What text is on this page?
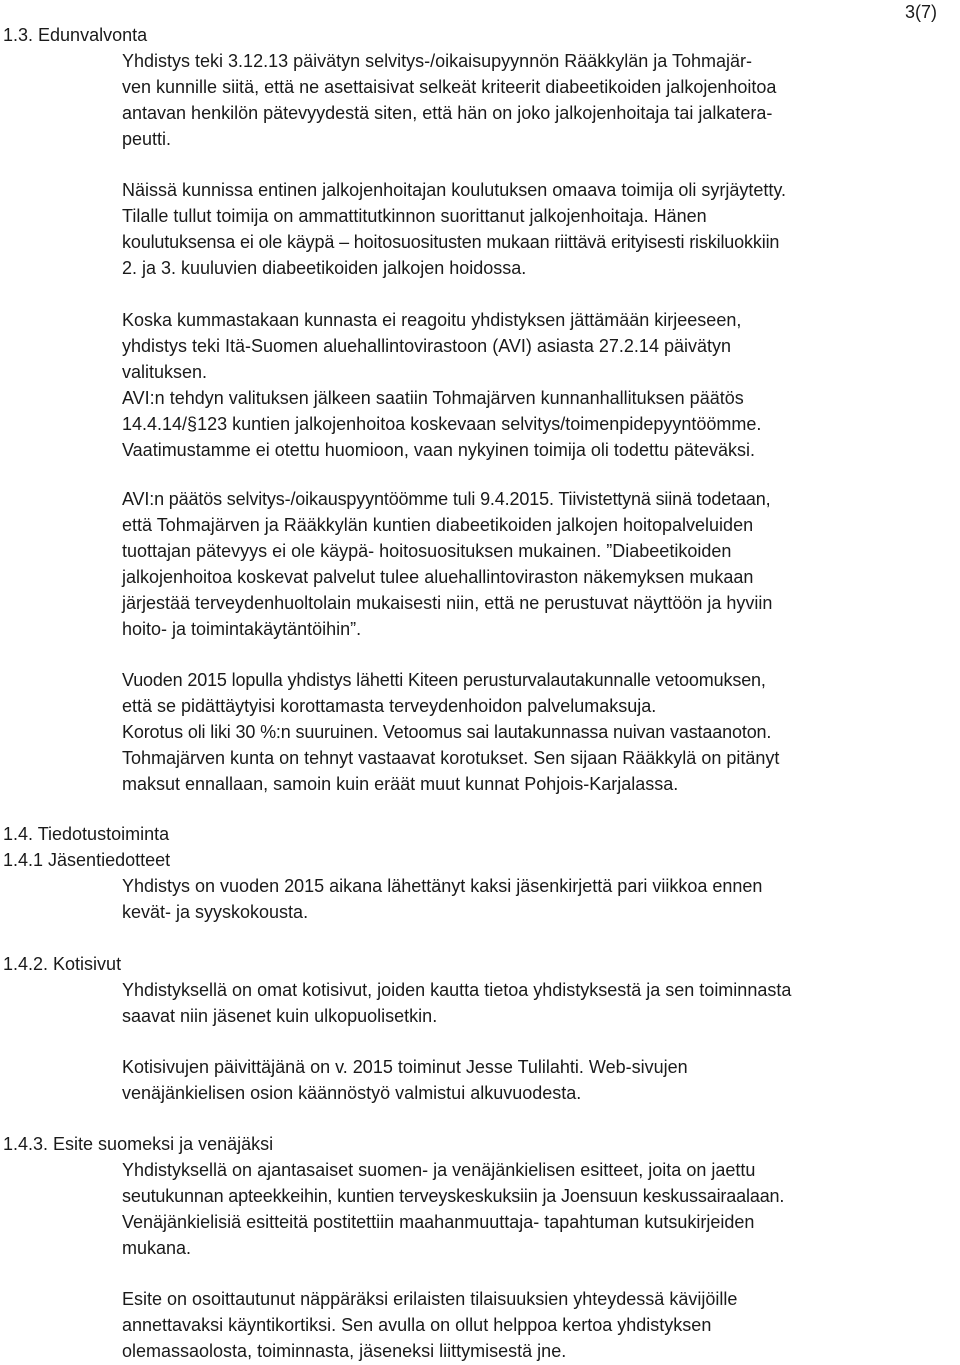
3(7)
1.3. Edunvalvonta
Yhdistys teki 3.12.13 päivätyn selvitys-/oikaisupyynnön Rääkkylän ja Tohmajär-
ven kunnille siitä, että ne asettaisivat selkeät kriteerit diabeetikoiden jalkojenhoitoa
antavan henkilön pätevyydestä siten, että hän on joko jalkojenhoitaja tai jalkatera-
peutti.
Näissä kunnissa entinen jalkojenhoitajan koulutuksen omaava toimija oli syrjäytetty.
Tilalle tullut toimija on ammattitutkinnon suorittanut jalkojenhoitaja. Hänen
koulutuksensa ei ole käypä – hoitosuositusten mukaan riittävä erityisesti riskiluokkiin
2. ja 3. kuuluvien diabeetikoiden jalkojen hoidossa.
Koska kummastakaan kunnasta ei reagoitu yhdistyksen jättämään kirjeeseen,
yhdistys teki Itä-Suomen aluehallintovirastoon (AVI) asiasta 27.2.14 päivätyn
valituksen.
AVI:n tehdyn valituksen jälkeen saatiin Tohmajärven kunnanhallituksen päätös
14.4.14/§123 kuntien jalkojenhoitoa koskevaan selvitys/toimenpidepyyntöömme.
Vaatimustamme ei otettu huomioon, vaan nykyinen toimija oli todettu päteväksi.
AVI:n päätös selvitys-/oikauspyyntöömme tuli 9.4.2015. Tiivistettynä siinä todetaan,
että Tohmajärven ja Rääkkylän kuntien diabeetikoiden jalkojen hoitopalveluiden
tuottajan pätevyys ei ole käypä- hoitosuosituksen mukainen. ”Diabeetikoiden
jalkojenhoitoa koskevat palvelut tulee aluehallintoviraston näkemyksen mukaan
järjestää terveydenhuoltolain mukaisesti niin, että ne perustuvat näyttöön ja hyviin
hoito- ja toimintakäytäntöihin”.
Vuoden 2015 lopulla yhdistys lähetti Kiteen perusturvalautakunnalle vetoomuksen,
että se pidättäytyisi korottamasta terveydenhoidon palvelumaksuja.
Korotus oli liki 30 %:n suuruinen. Vetoomus sai lautakunnassa nuivan vastaanoton.
Tohmajärven kunta on tehnyt vastaavat korotukset. Sen sijaan Rääkkylä on pitänyt
maksut ennallaan, samoin kuin eräät muut kunnat Pohjois-Karjalassa.
1.4. Tiedotustoiminta
1.4.1 Jäsentiedotteet
Yhdistys on vuoden 2015 aikana lähettänyt kaksi jäsenkirjettä pari viikkoa ennen
kevät- ja syyskokousta.
1.4.2. Kotisivut
Yhdistyksellä on omat kotisivut, joiden kautta tietoa yhdistyksestä ja sen toiminnasta
saavat niin jäsenet kuin ulkopuolisetkin.
Kotisivujen päivittäjänä on v. 2015 toiminut Jesse Tulilahti. Web-sivujen
venäjänkielisen osion käännöstyö valmistui alkuvuodesta.
1.4.3. Esite suomeksi ja venäjäksi
Yhdistyksellä on ajantasaiset suomen- ja venäjänkielisen esitteet, joita on jaettu
seutukunnan apteekkeihin, kuntien terveyskeskuksiin ja Joensuun keskussairaalaan.
Venäjänkielisiä esitteitä postitettiin maahanmuuttaja- tapahtuman kutsukirjeiden
mukana.
Esite on osoittautunut näppäräksi erilaisten tilaisuuksien yhteydessä kävijöille
annettavaksi käyntikortiksi. Sen avulla on ollut helppoa kertoa yhdistyksen
olemassaolosta, toiminnasta, jäseneksi liittymisestä jne.
